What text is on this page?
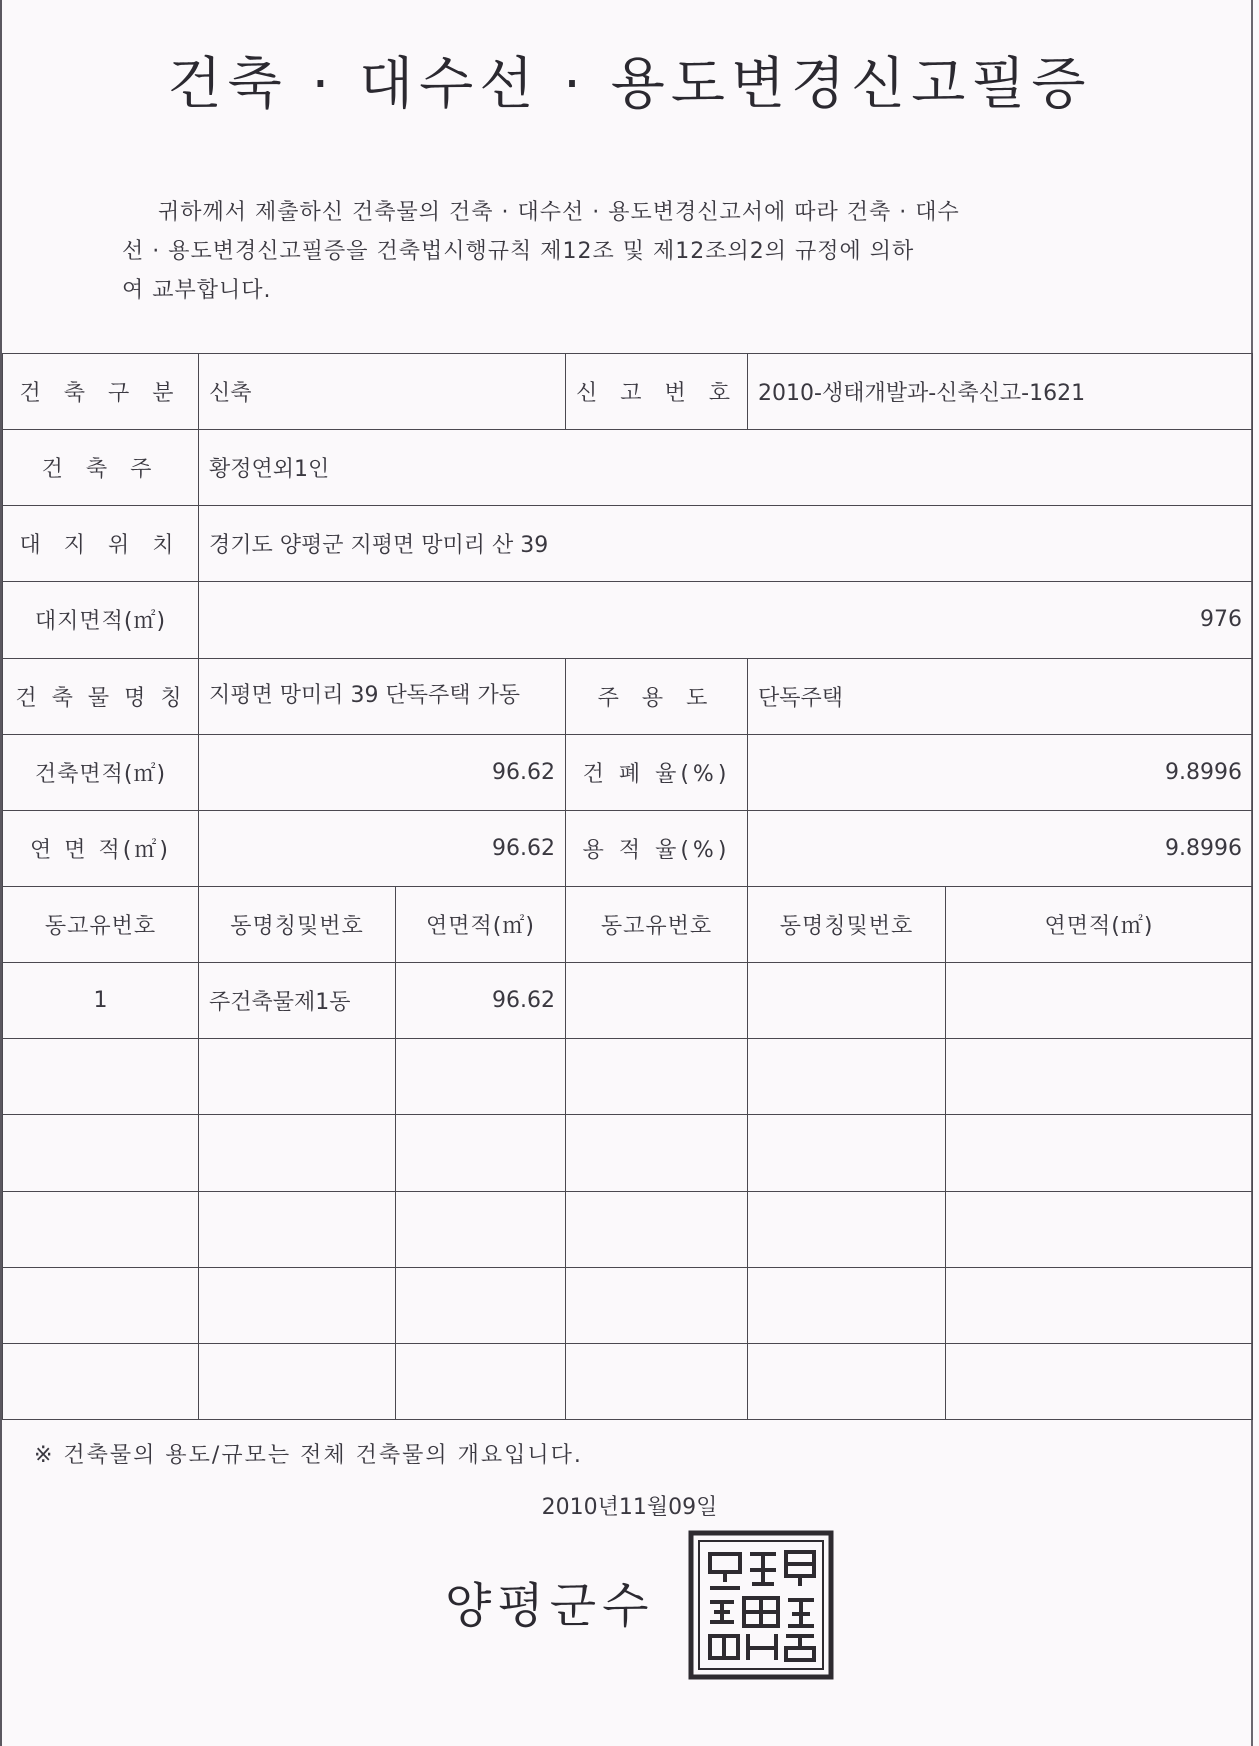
건축 · 대수선 · 용도변경신고필증

귀하께서 제출하신 건축물의 건축 · 대수선 · 용도변경신고서에 따라 건축 · 대수

선 · 용도변경신고필증을 건축법시행규칙 제12조 및 제12조의2의 규정에 의하

여 교부합니다.

건 축 구 분	신축		신 고 번 호	2010-생태개발과-신축신고-1621	
건 축 주	황정연외1인				
대 지 위 치	경기도 양평군 지평면 망미리 산 39				
대지면적(㎡)	976				
건 축 물 명 칭	지평면 망미리 39 단독주택 가동		주 용 도	단독주택	
건축면적(㎡)	96.62		건 폐 율(%)	9.8996	
연 면 적(㎡)	96.62		용 적 율(%)	9.8996	
동고유번호	동명칭및번호	연면적(㎡)	동고유번호	동명칭및번호	연면적(㎡)
1	주건축물제1동	96.62			

※ 건축물의 용도/규모는 전체 건축물의 개요입니다.
2010년11월09일
양평군수
